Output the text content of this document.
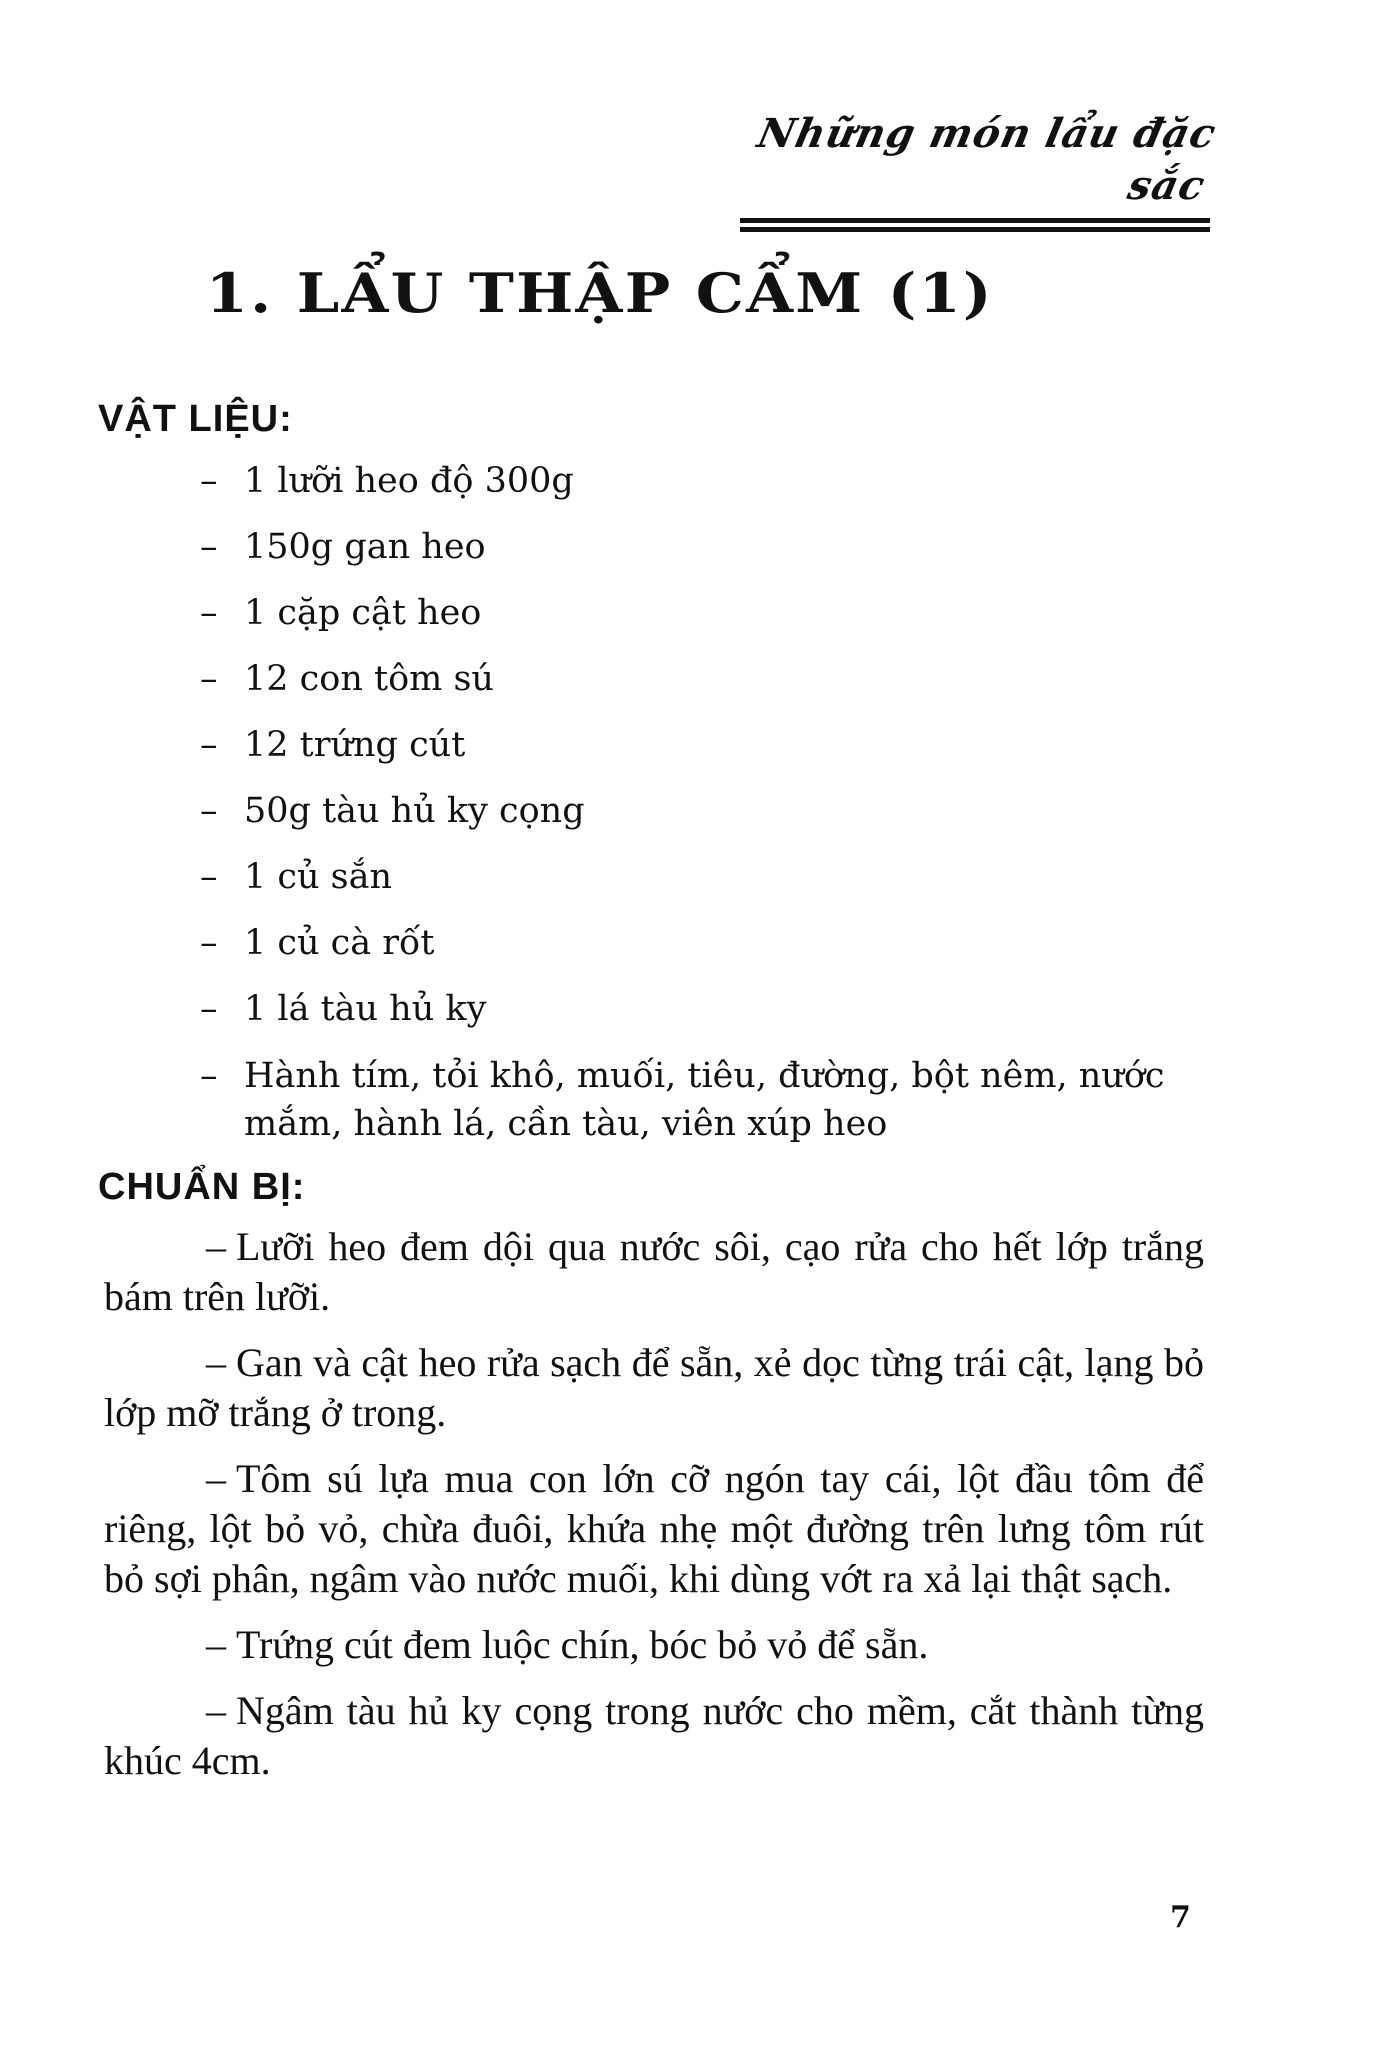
Những món lẩu đặc sắc
1. LẨU THẬP CẨM (1)
VẬT LIỆU:
– 1 lưỡi heo độ 300g
– 150g gan heo
– 1 cặp cật heo
– 12 con tôm sú
– 12 trứng cút
– 50g tàu hủ ky cọng
– 1 củ sắn
– 1 củ cà rốt
– 1 lá tàu hủ ky
– Hành tím, tỏi khô, muối, tiêu, đường, bột nêm, nước mắm, hành lá, cần tàu, viên xúp heo
CHUẨN BỊ:

– Lưỡi heo đem dội qua nước sôi, cạo rửa cho hết lớp trắng bám trên lưỡi.

– Gan và cật heo rửa sạch để sẵn, xẻ dọc từng trái cật, lạng bỏ lớp mỡ trắng ở trong.

– Tôm sú lựa mua con lớn cỡ ngón tay cái, lột đầu tôm để riêng, lột bỏ vỏ, chừa đuôi, khứa nhẹ một đường trên lưng tôm rút bỏ sợi phân, ngâm vào nước muối, khi dùng vớt ra xả lại thật sạch.

– Trứng cút đem luộc chín, bóc bỏ vỏ để sẵn.

– Ngâm tàu hủ ky cọng trong nước cho mềm, cắt thành từng khúc 4cm.

7
